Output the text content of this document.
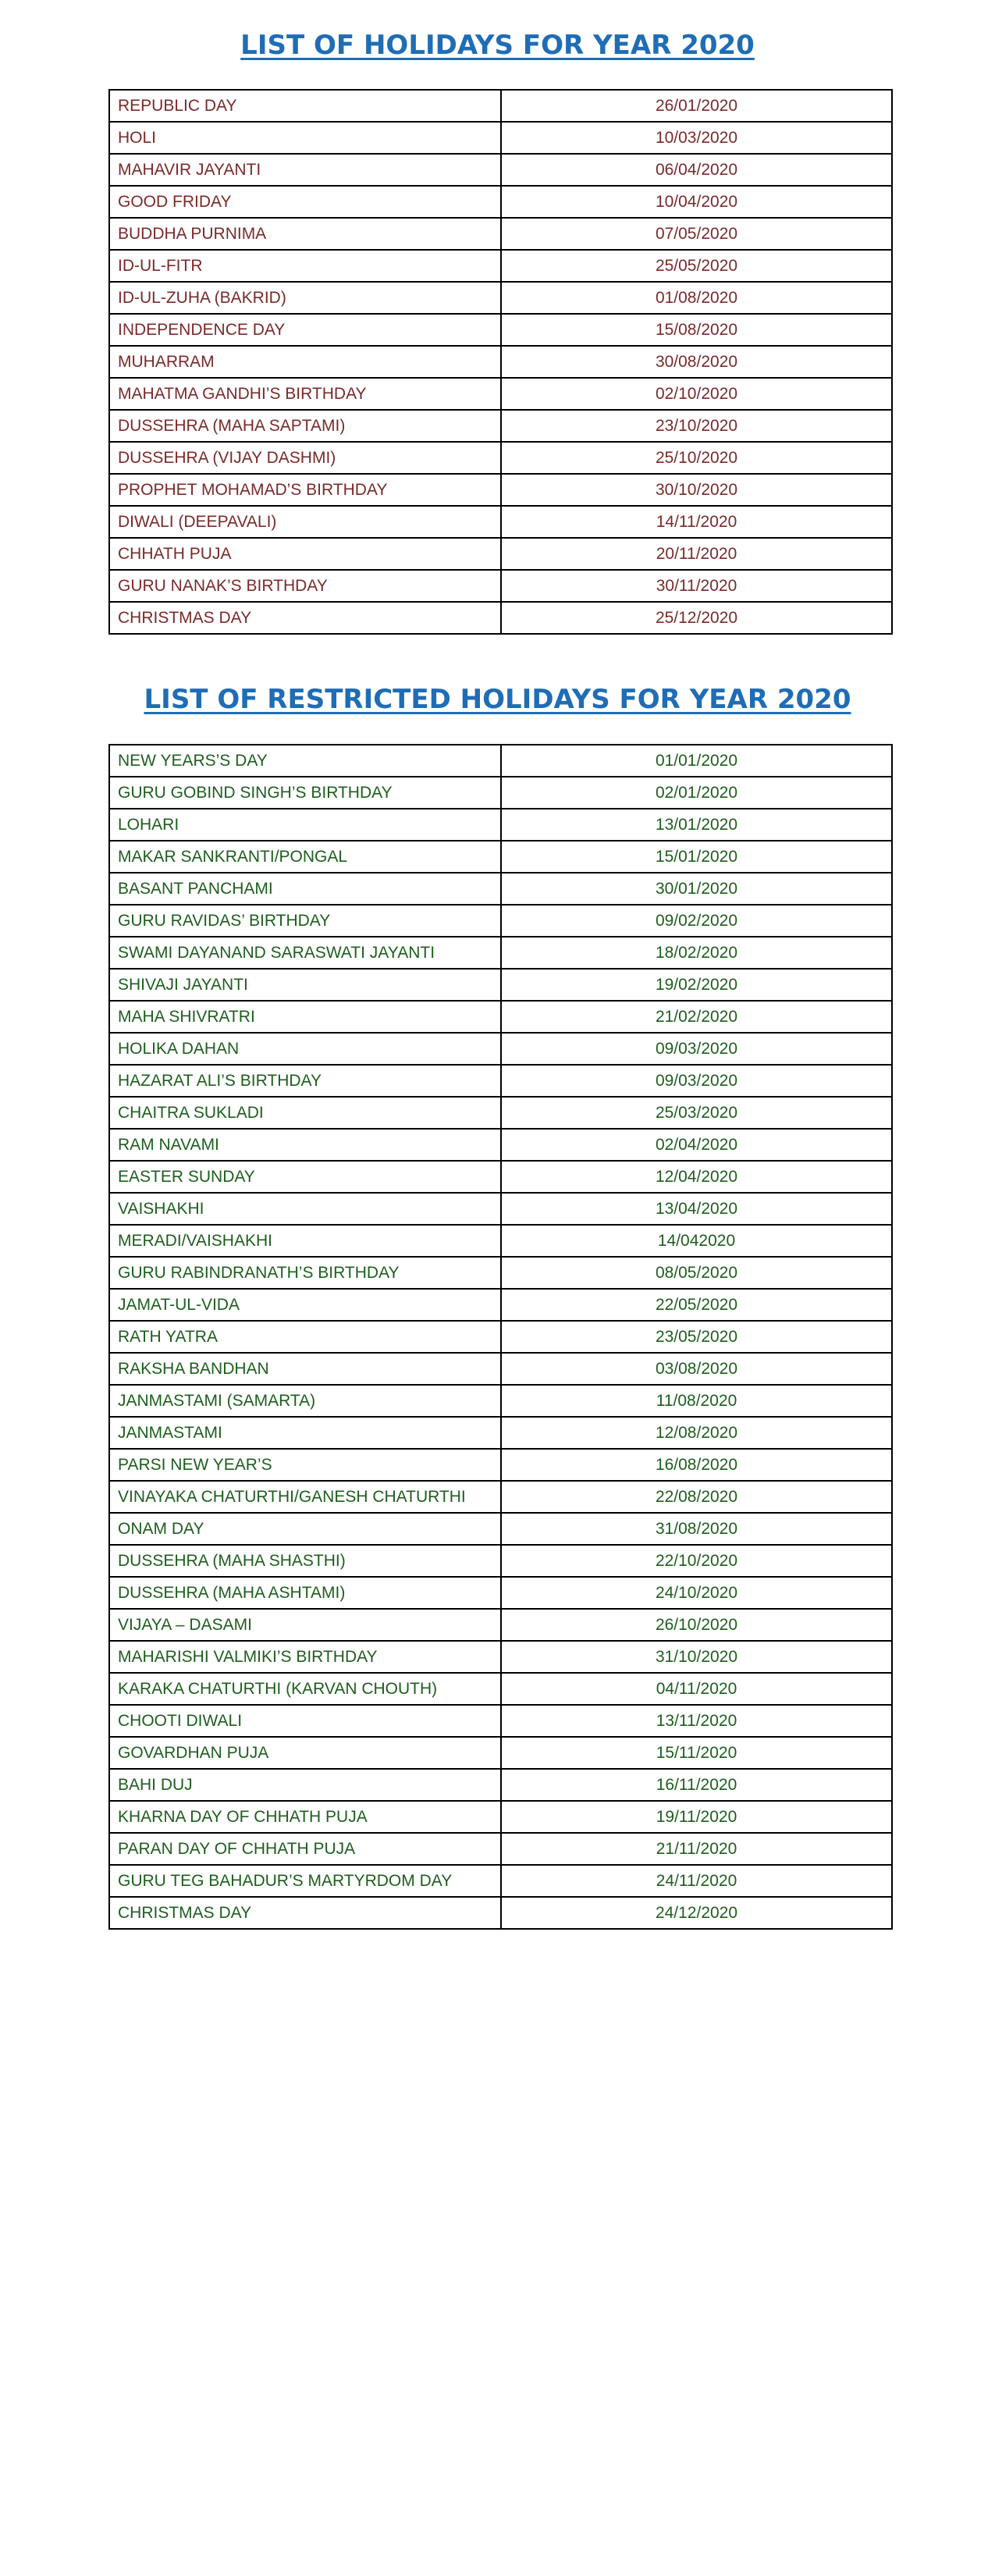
LIST OF HOLIDAYS FOR YEAR 2020
REPUBLIC DAY	26/01/2020
HOLI	10/03/2020
MAHAVIR JAYANTI	06/04/2020
GOOD FRIDAY	10/04/2020
BUDDHA PURNIMA	07/05/2020
ID-UL-FITR	25/05/2020
ID-UL-ZUHA (BAKRID)	01/08/2020
INDEPENDENCE DAY	15/08/2020
MUHARRAM	30/08/2020
MAHATMA GANDHI’S BIRTHDAY	02/10/2020
DUSSEHRA (MAHA SAPTAMI)	23/10/2020
DUSSEHRA (VIJAY DASHMI)	25/10/2020
PROPHET MOHAMAD’S BIRTHDAY	30/10/2020
DIWALI (DEEPAVALI)	14/11/2020
CHHATH PUJA	20/11/2020
GURU NANAK’S BIRTHDAY	30/11/2020
CHRISTMAS DAY	25/12/2020
LIST OF RESTRICTED HOLIDAYS FOR YEAR 2020
NEW YEARS’S DAY	01/01/2020
GURU GOBIND SINGH’S BIRTHDAY	02/01/2020
LOHARI	13/01/2020
MAKAR SANKRANTI/PONGAL	15/01/2020
BASANT PANCHAMI	30/01/2020
GURU RAVIDAS’ BIRTHDAY	09/02/2020
SWAMI DAYANAND SARASWATI JAYANTI	18/02/2020
SHIVAJI JAYANTI	19/02/2020
MAHA SHIVRATRI	21/02/2020
HOLIKA DAHAN	09/03/2020
HAZARAT ALI’S BIRTHDAY	09/03/2020
CHAITRA SUKLADI	25/03/2020
RAM NAVAMI	02/04/2020
EASTER SUNDAY	12/04/2020
VAISHAKHI	13/04/2020
MERADI/VAISHAKHI	14/042020
GURU RABINDRANATH’S BIRTHDAY	08/05/2020
JAMAT-UL-VIDA	22/05/2020
RATH YATRA	23/05/2020
RAKSHA BANDHAN	03/08/2020
JANMASTAMI (SAMARTA)	11/08/2020
JANMASTAMI	12/08/2020
PARSI NEW YEAR’S	16/08/2020
VINAYAKA CHATURTHI/GANESH CHATURTHI	22/08/2020
ONAM DAY	31/08/2020
DUSSEHRA (MAHA SHASTHI)	22/10/2020
DUSSEHRA (MAHA ASHTAMI)	24/10/2020
VIJAYA – DASAMI	26/10/2020
MAHARISHI VALMIKI’S BIRTHDAY	31/10/2020
KARAKA CHATURTHI (KARVAN CHOUTH)	04/11/2020
CHOOTI DIWALI	13/11/2020
GOVARDHAN PUJA	15/11/2020
BAHI DUJ	16/11/2020
KHARNA DAY OF CHHATH PUJA	19/11/2020
PARAN DAY OF CHHATH PUJA	21/11/2020
GURU TEG BAHADUR’S MARTYRDOM DAY	24/11/2020
CHRISTMAS DAY	24/12/2020
